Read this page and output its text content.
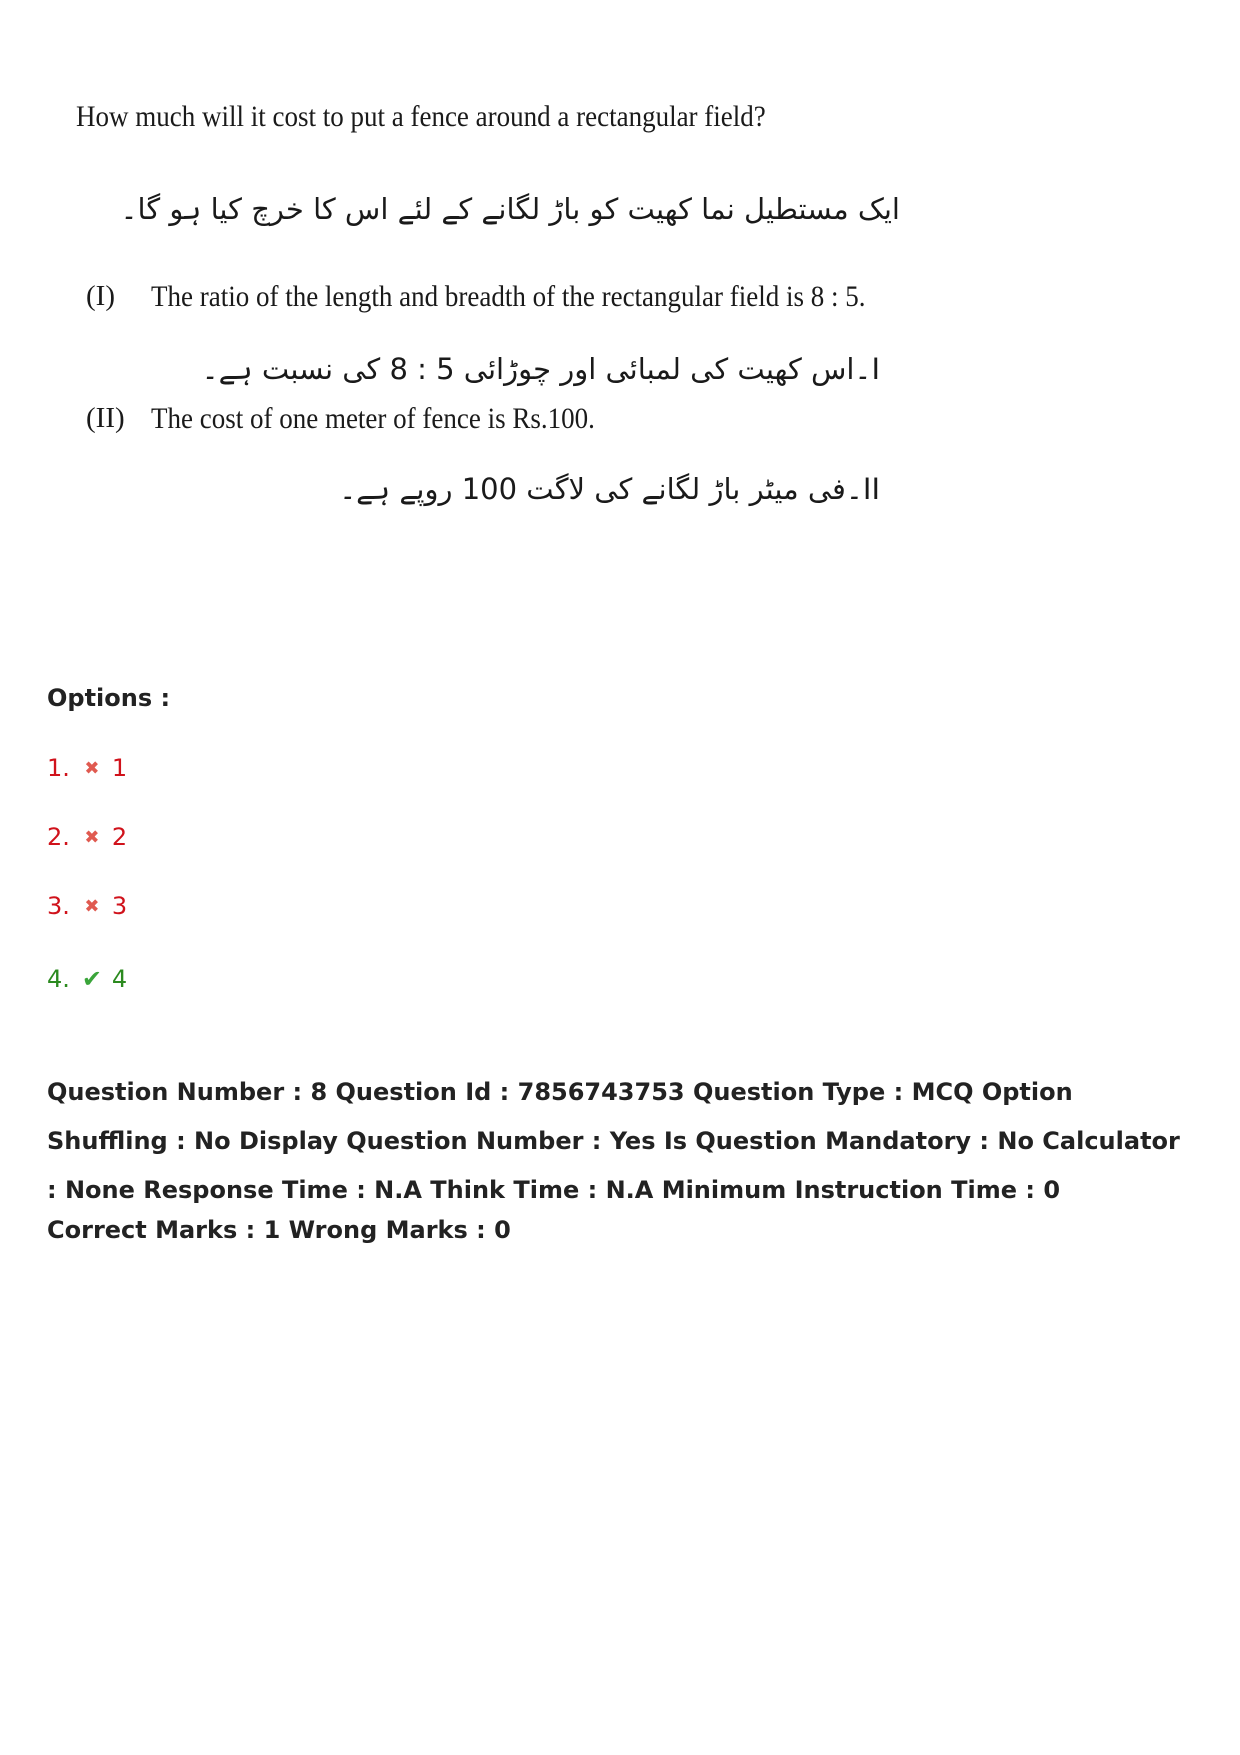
How much will it cost to put a fence around a rectangular field?
ایک مستطیل نما کھیت کو باڑ لگانے کے لئے اس کا خرچ کیا ہو گا۔
(I) The ratio of the length and breadth of the rectangular field is 8 : 5.
I۔اس کھیت کی لمبائی اور چوڑائی 5 : 8 کی نسبت ہے۔
(II) The cost of one meter of fence is Rs.100.
II۔فی میٹر باڑ لگانے کی لاگت 100 روپے ہے۔
Options :
1. ✖ 1
2. ✖ 2
3. ✖ 3
4. ✔ 4
Question Number : 8 Question Id : 7856743753 Question Type : MCQ Option Shuffling : No Display Question Number : Yes Is Question Mandatory : No Calculator : None Response Time : N.A Think Time : N.A Minimum Instruction Time : 0
Correct Marks : 1 Wrong Marks : 0
